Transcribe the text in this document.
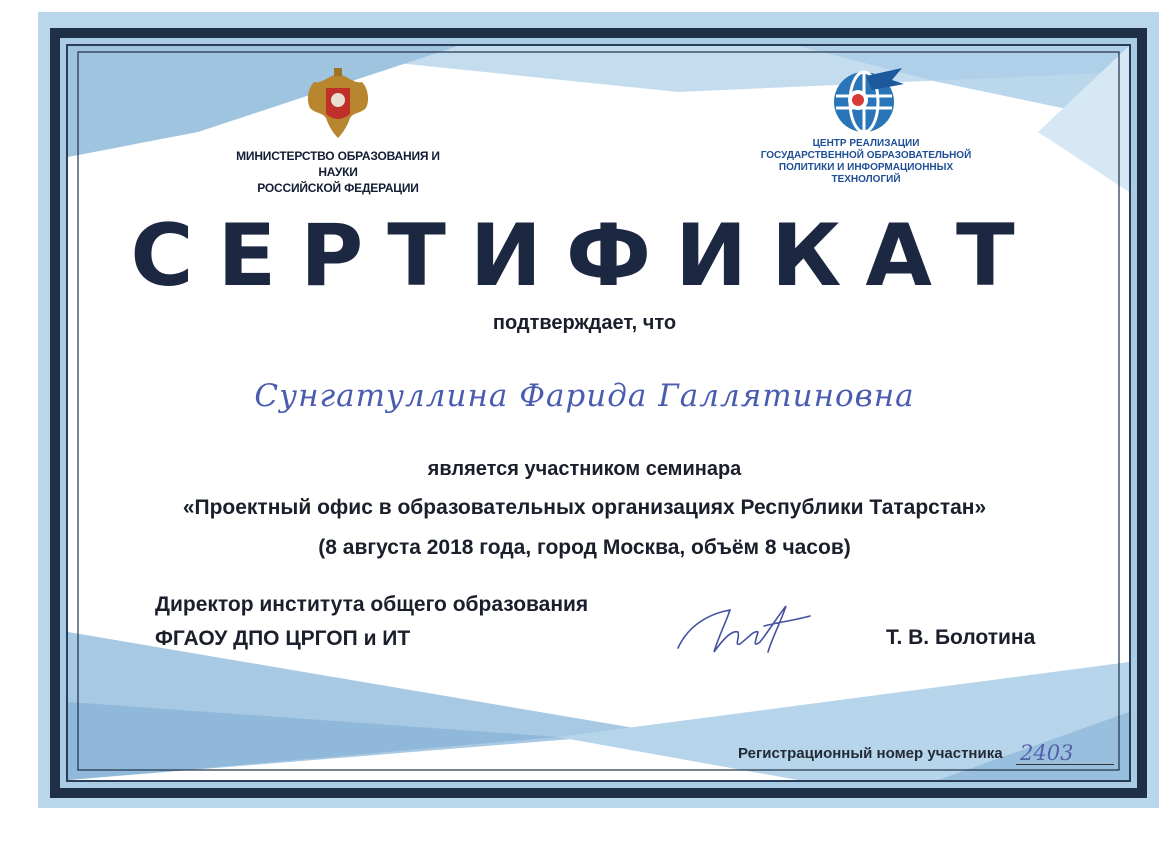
МИНИСТЕРСТВО ОБРАЗОВАНИЯ И НАУКИ
РОССИЙСКОЙ ФЕДЕРАЦИИ
ЦЕНТР РЕАЛИЗАЦИИ
ГОСУДАРСТВЕННОЙ ОБРАЗОВАТЕЛЬНОЙ
ПОЛИТИКИ И ИНФОРМАЦИОННЫХ
ТЕХНОЛОГИЙ
СЕРТИФИКАТ
подтверждает, что
Сунгатуллина Фарида Галлятиновна
является участником семинара
«Проектный офис в образовательных организациях Республики Татарстан»
(8 августа 2018 года, город Москва, объём 8 часов)
Директор института общего образования
ФГАОУ ДПО ЦРГОП и ИТ	Т. В. Болотина
Регистрационный номер участника 2403
